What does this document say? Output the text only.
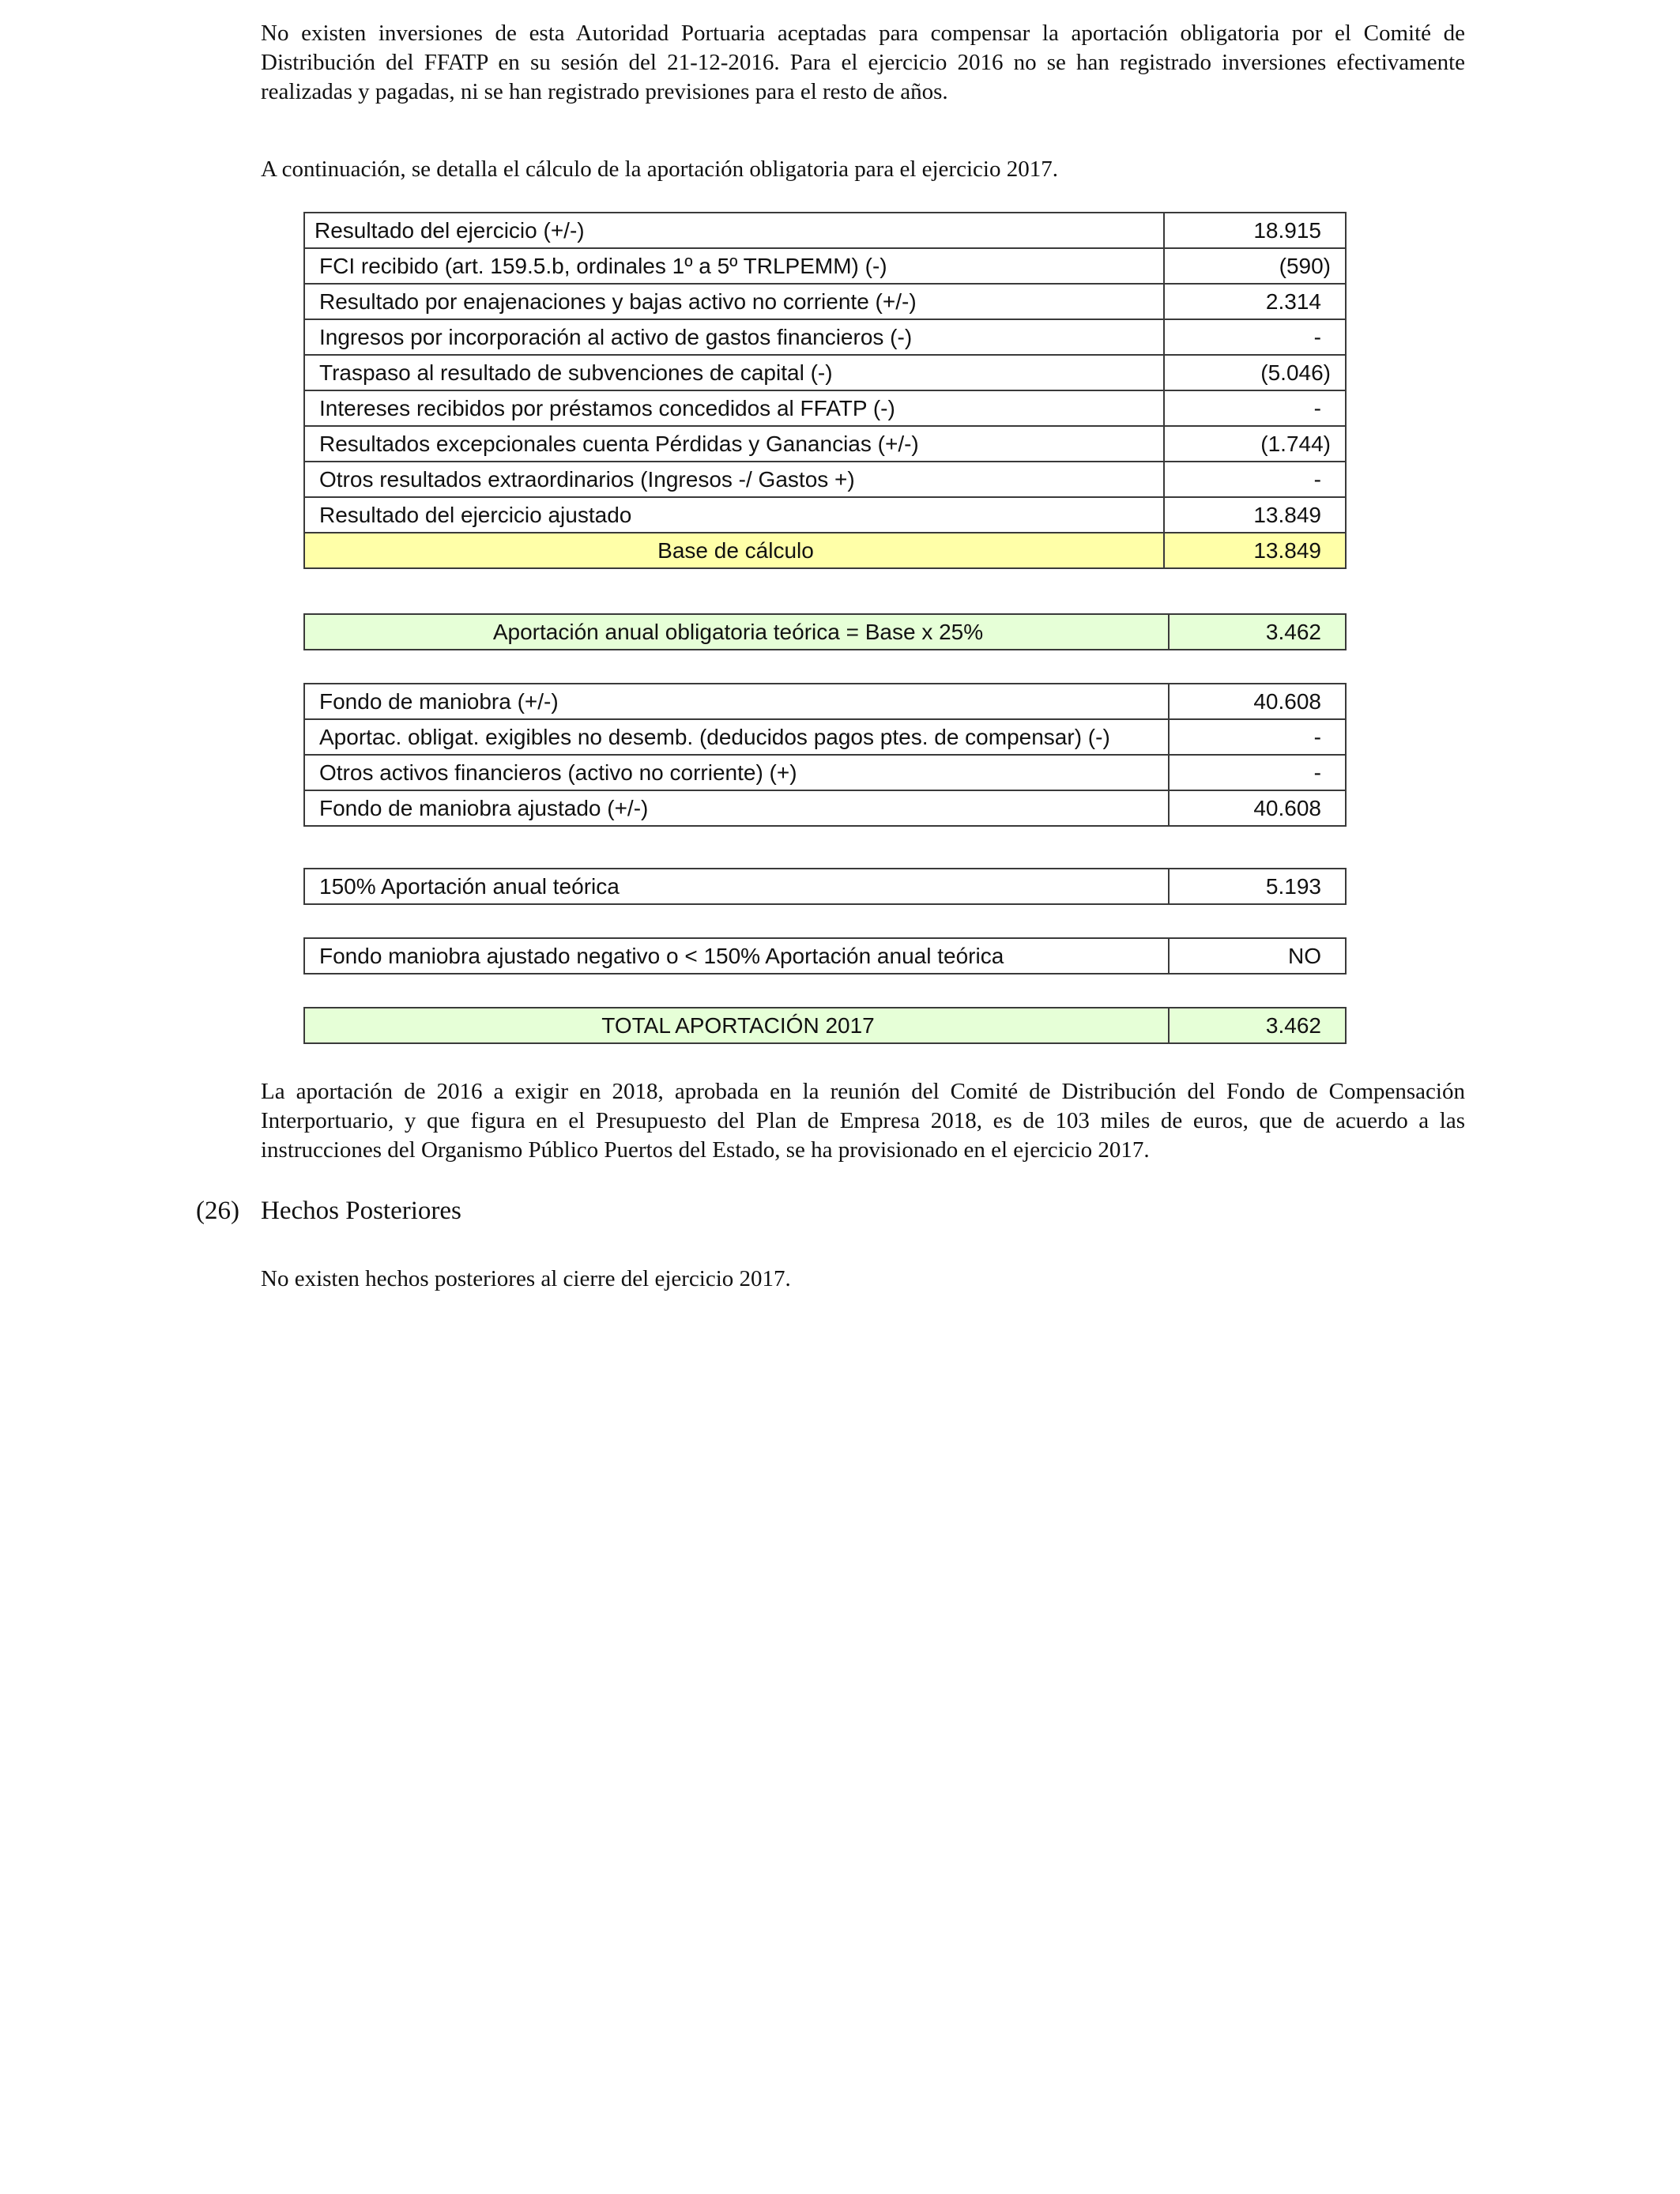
No existen inversiones de esta Autoridad Portuaria aceptadas para compensar la aportación obligatoria por el Comité de Distribución del FFATP en su sesión del 21-12-2016. Para el ejercicio 2016 no se han registrado inversiones efectivamente realizadas y pagadas, ni se han registrado previsiones para el resto de años.

A continuación, se detalla el cálculo de la aportación obligatoria para el ejercicio 2017.

Resultado del ejercicio (+/-)	18.915
FCI recibido (art. 159.5.b, ordinales 1º a 5º TRLPEMM) (-)	(590)
Resultado por enajenaciones y bajas activo no corriente (+/-)	2.314
Ingresos por incorporación al activo de gastos financieros (-)	-
Traspaso al resultado de subvenciones de capital (-)	(5.046)
Intereses recibidos por préstamos concedidos al FFATP (-)	-
Resultados excepcionales cuenta Pérdidas y Ganancias (+/-)	(1.744)
Otros resultados extraordinarios (Ingresos -/ Gastos +)	-
Resultado del ejercicio ajustado	13.849
Base de cálculo	13.849
Aportación anual obligatoria teórica = Base x 25%	3.462
Fondo de maniobra (+/-)	40.608
Aportac. obligat. exigibles no desemb. (deducidos pagos ptes. de compensar) (-)	-
Otros activos financieros (activo no corriente) (+)	-
Fondo de maniobra ajustado (+/-)	40.608
150% Aportación anual teórica	5.193
Fondo maniobra ajustado negativo o < 150% Aportación anual teórica	NO
TOTAL APORTACIÓN 2017	3.462

La aportación de 2016 a exigir en 2018, aprobada en la reunión del Comité de Distribución del Fondo de Compensación Interportuario, y que figura en el Presupuesto del Plan de Empresa 2018, es de 103 miles de euros, que de acuerdo a las instrucciones del Organismo Público Puertos del Estado, se ha provisionado en el ejercicio 2017.

(26) Hechos Posteriores

No existen hechos posteriores al cierre del ejercicio 2017.
